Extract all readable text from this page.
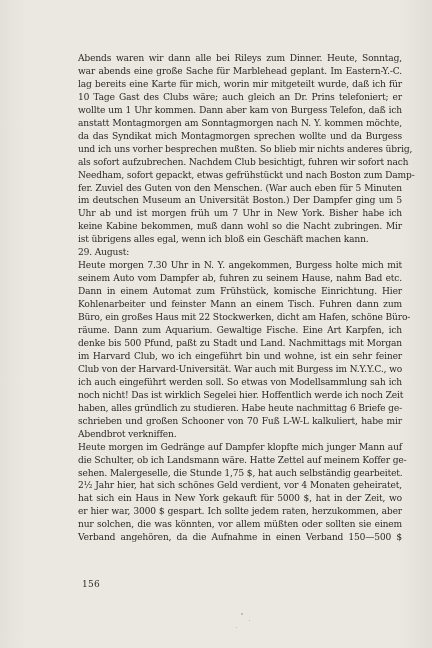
Abends waren wir dann alle bei Rileys zum Dinner. Heute, Sonntag,
war abends eine große Sache für Marblehead geplant. Im Eastern-Y.-C.
lag bereits eine Karte für mich, worin mir mitgeteilt wurde, daß ich für
10 Tage Gast des Clubs wäre; auch gleich an Dr. Prins telefoniert; er
wollte um 1 Uhr kommen. Dann aber kam von Burgess Telefon, daß ich
anstatt Montagmorgen am Sonntagmorgen nach N. Y. kommen möchte,
da das Syndikat mich Montagmorgen sprechen wollte und da Burgess
und ich uns vorher besprechen mußten. So blieb mir nichts anderes übrig,
als sofort aufzubrechen. Nachdem Club besichtigt, fuhren wir sofort nach
Needham, sofort gepackt, etwas gefrühstückt und nach Boston zum Damp-
fer. Zuviel des Guten von den Menschen. (War auch eben für 5 Minuten
im deutschen Museum an Universität Boston.) Der Dampfer ging um 5
Uhr ab und ist morgen früh um 7 Uhr in New York. Bisher habe ich
keine Kabine bekommen, muß dann wohl so die Nacht zubringen. Mir
ist übrigens alles egal, wenn ich bloß ein Geschäft machen kann.

29. August:

Heute morgen 7.30 Uhr in N. Y. angekommen, Burgess holte mich mit
seinem Auto vom Dampfer ab, fuhren zu seinem Hause, nahm Bad etc.
Dann in einem Automat zum Frühstück, komische Einrichtung. Hier
Kohlenarbeiter und feinster Mann an einem Tisch. Fuhren dann zum
Büro, ein großes Haus mit 22 Stockwerken, dicht am Hafen, schöne Büro-
räume. Dann zum Aquarium. Gewaltige Fische. Eine Art Karpfen, ich
denke bis 500 Pfund, paßt zu Stadt und Land. Nachmittags mit Morgan
im Harvard Club, wo ich eingeführt bin und wohne, ist ein sehr feiner
Club von der Harvard-Universität. War auch mit Burgess im N.Y.Y.C., wo
ich auch eingeführt werden soll. So etwas von Modellsammlung sah ich
noch nicht! Das ist wirklich Segelei hier. Hoffentlich werde ich noch Zeit
haben, alles gründlich zu studieren. Habe heute nachmittag 6 Briefe ge-
schrieben und großen Schooner von 70 Fuß L-W-L kalkuliert, habe mir
Abendbrot verkniffen.

Heute morgen im Gedränge auf Dampfer klopfte mich junger Mann auf
die Schulter, ob ich Landsmann wäre. Hatte Zettel auf meinem Koffer ge-
sehen. Malergeselle, die Stunde 1,75 $, hat auch selbständig gearbeitet.
2½ Jahr hier, hat sich schönes Geld verdient, vor 4 Monaten geheiratet,
hat sich ein Haus in New York gekauft für 5000 $, hat in der Zeit, wo
er hier war, 3000 $ gespart. Ich sollte jedem raten, herzukommen, aber
nur solchen, die was könnten, vor allem müßten oder sollten sie einem
Verband angehören, da die Aufnahme in einen Verband 150—500 $

156
